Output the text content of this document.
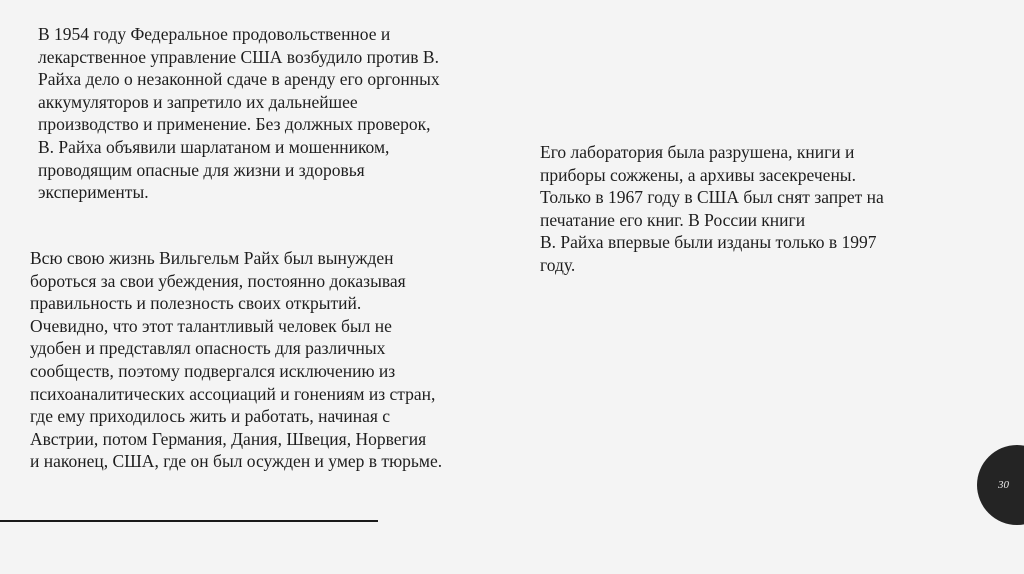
В 1954 году Федеральное продовольственное и
лекарственное управление США возбудило против В.
Райха дело о незаконной сдаче в аренду его оргонных
аккумуляторов и запретило их дальнейшее
производство и применение. Без должных проверок,
В. Райха объявили шарлатаном и мошенником,
проводящим опасные для жизни и здоровья
эксперименты.

Всю свою жизнь Вильгельм Райх был вынужден
бороться за свои убеждения, постоянно доказывая
правильность и полезность своих открытий.
Очевидно, что этот талантливый человек был не
удобен и представлял опасность для различных
сообществ, поэтому подвергался исключению из
психоаналитических ассоциаций и гонениям из стран,
где ему приходилось жить и работать, начиная с
Австрии, потом Германия, Дания, Швеция, Норвегия
и наконец, США, где он был осужден и умер в тюрьме.

Его лаборатория была разрушена, книги и
приборы сожжены, а архивы засекречены.
Только в 1967 году в США был снят запрет на
печатание его книг. В России книги
В. Райха впервые были изданы только в 1997
году.

30
